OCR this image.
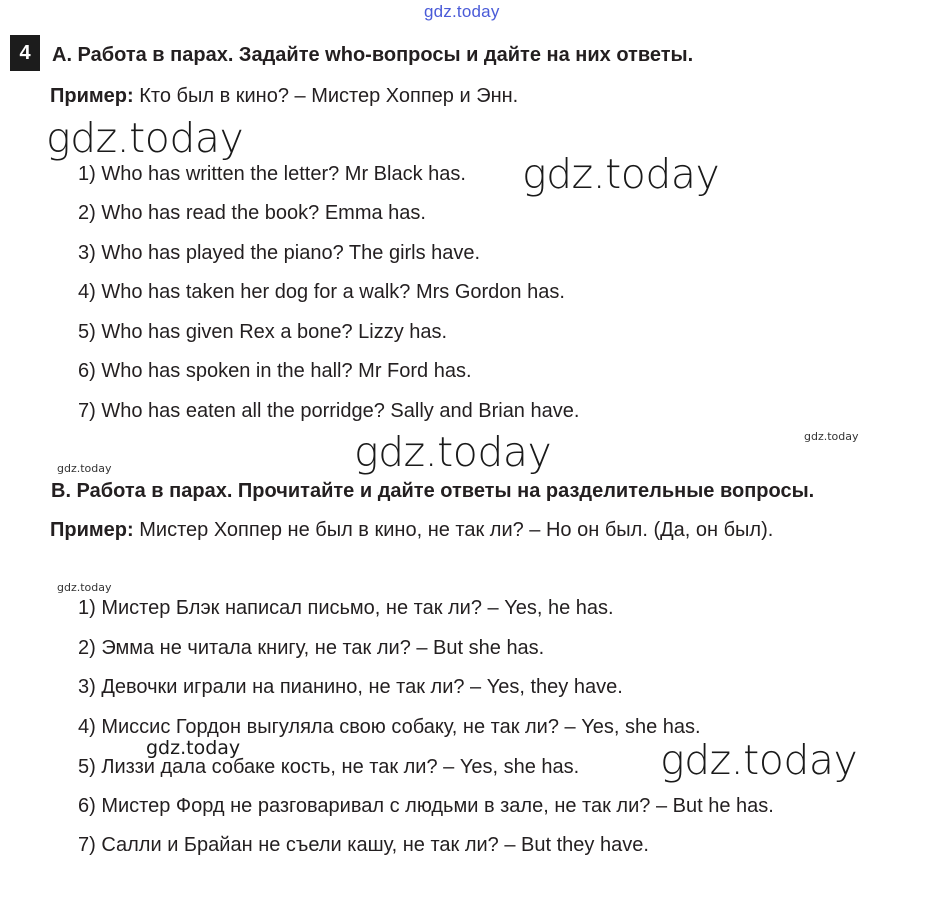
gdz.today
4	A. Работа в парах. Задайте who-вопросы и дайте на них ответы.
Пример: Кто был в кино? – Мистер Хоппер и Энн.
gdz.today
1) Who has written the letter? Mr Black has. gdz.today
2) Who has read the book? Emma has.
3) Who has played the piano? The girls have.
4) Who has taken her dog for a walk? Mrs Gordon has.
5) Who has given Rex a bone? Lizzy has.
6) Who has spoken in the hall? Mr Ford has.
7) Who has eaten all the porridge? Sally and Brian have.
gdz.today
gdz.today
gdz.today
B. Работа в парах. Прочитайте и дайте ответы на разделительные вопросы.
Пример: Мистер Хоппер не был в кино, не так ли? – Но он был. (Да, он был).
gdz.today
1) Мистер Блэк написал письмо, не так ли? – Yes, he has.
2) Эмма не читала книгу, не так ли? – But she has.
3) Девочки играли на пианино, не так ли? – Yes, they have.
4) Миссис Гордон выгуляла свою собаку, не так ли? – Yes, she has.
gdz.today
5) Лиззи дала собаке кость, не так ли? – Yes, she has. gdz.today
6) Мистер Форд не разговаривал с людьми в зале, не так ли? – But he has.
7) Салли и Брайан не съели кашу, не так ли? – But they have.
